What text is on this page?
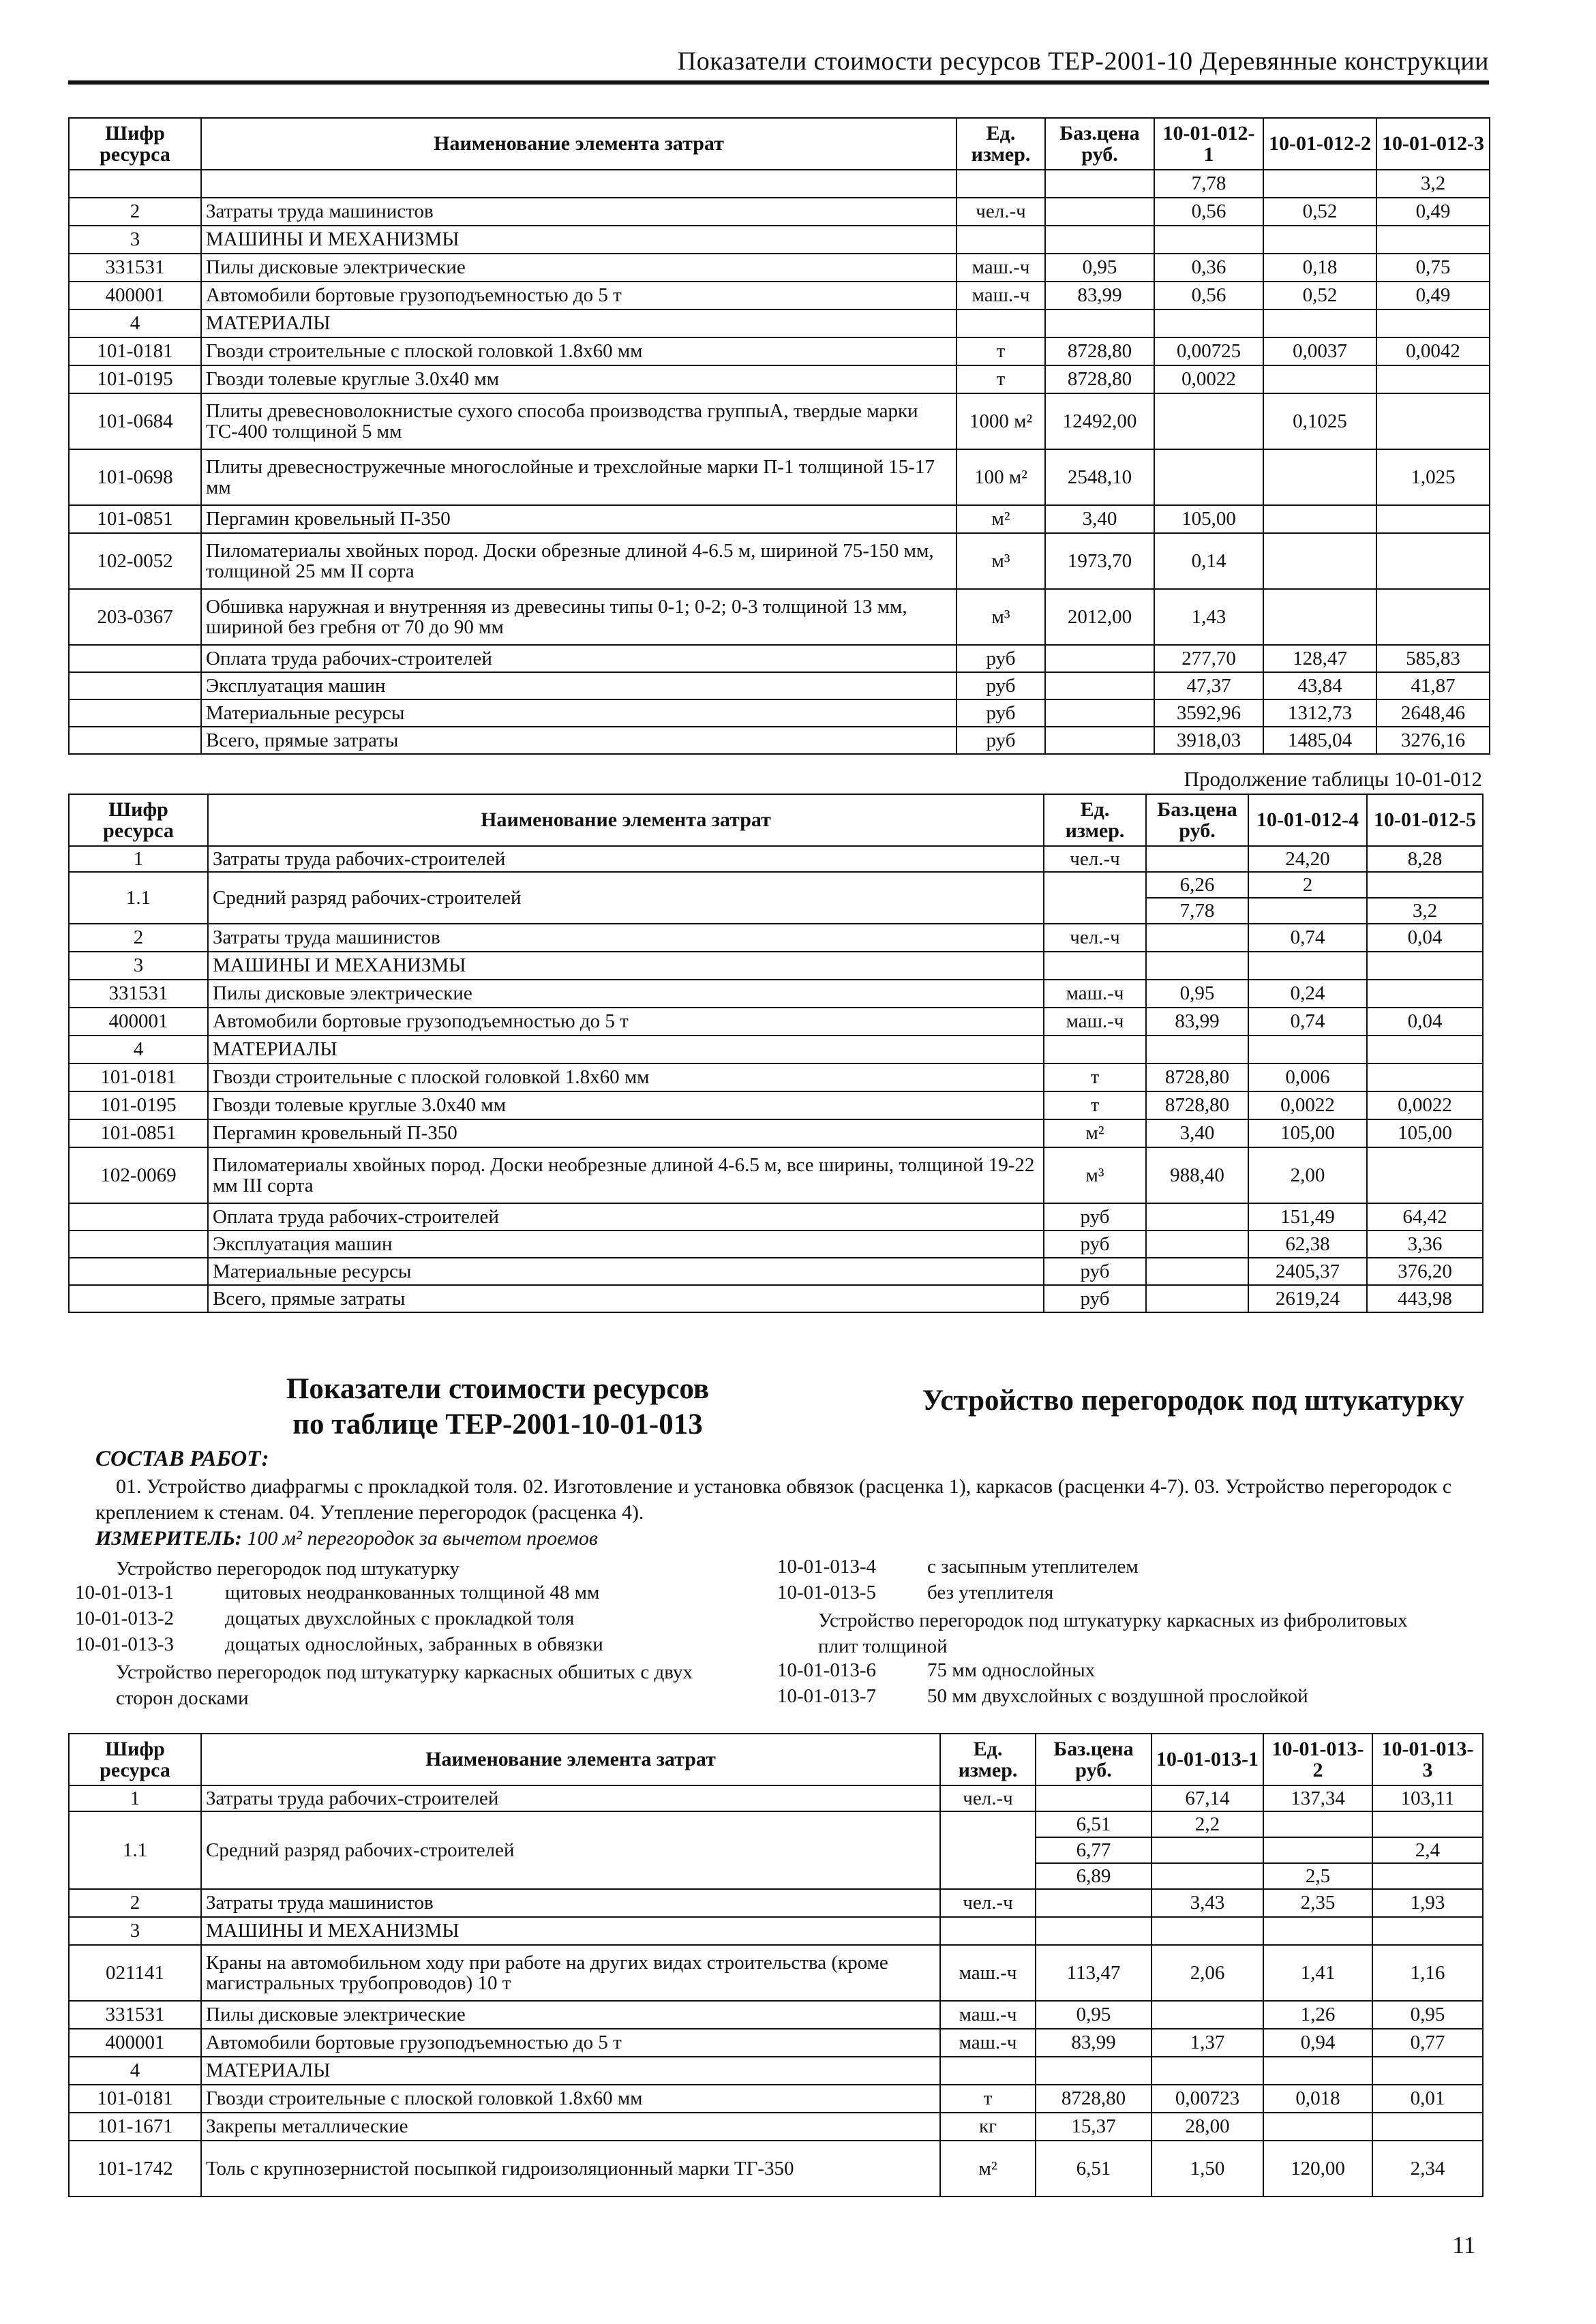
Показатели стоимости ресурсов ТЕР-2001-10 Деревянные конструкции
Шифр ресурса	Наименование элемента затрат	Ед. измер.	Баз.цена руб.	10-01-012-1	10-01-012-2	10-01-012-3
				7,78		3,2
2	Затраты труда машинистов	чел.-ч		0,56	0,52	0,49
3	МАШИНЫ И МЕХАНИЗМЫ					
331531	Пилы дисковые электрические	маш.-ч	0,95	0,36	0,18	0,75
400001	Автомобили бортовые грузоподъемностью до 5 т	маш.-ч	83,99	0,56	0,52	0,49
4	МАТЕРИАЛЫ					
101-0181	Гвозди строительные с плоской головкой 1.8x60 мм	т	8728,80	0,00725	0,0037	0,0042
101-0195	Гвозди толевые круглые 3.0x40 мм	т	8728,80	0,0022		
101-0684	Плиты древесноволокнистые сухого способа производства группыА, твердые марки ТС-400 толщиной 5 мм	1000 м²	12492,00		0,1025	
101-0698	Плиты древесностружечные многослойные и трехслойные марки П-1 толщиной 15-17 мм	100 м²	2548,10			1,025
101-0851	Пергамин кровельный П-350	м²	3,40	105,00		
102-0052	Пиломатериалы хвойных пород. Доски обрезные длиной 4-6.5 м, шириной 75-150 мм, толщиной 25 мм II сорта	м³	1973,70	0,14		
203-0367	Обшивка наружная и внутренняя из древесины типы 0-1; 0-2; 0-3 толщиной 13 мм, шириной без гребня от 70 до 90 мм	м³	2012,00	1,43		
	Оплата труда рабочих-строителей	руб		277,70	128,47	585,83
	Эксплуатация машин	руб		47,37	43,84	41,87
	Материальные ресурсы	руб		3592,96	1312,73	2648,46
	Всего, прямые затраты	руб		3918,03	1485,04	3276,16
Продолжение таблицы 10-01-012
Шифр ресурса	Наименование элемента затрат	Ед. измер.	Баз.цена руб.	10-01-012-4	10-01-012-5
1	Затраты труда рабочих-строителей	чел.-ч		24,20	8,28
1.1	Средний разряд рабочих-строителей		6,26	2	
			7,78		3,2
2	Затраты труда машинистов	чел.-ч		0,74	0,04
3	МАШИНЫ И МЕХАНИЗМЫ				
331531	Пилы дисковые электрические	маш.-ч	0,95	0,24	
400001	Автомобили бортовые грузоподъемностью до 5 т	маш.-ч	83,99	0,74	0,04
4	МАТЕРИАЛЫ				
101-0181	Гвозди строительные с плоской головкой 1.8x60 мм	т	8728,80	0,006	
101-0195	Гвозди толевые круглые 3.0x40 мм	т	8728,80	0,0022	0,0022
101-0851	Пергамин кровельный П-350	м²	3,40	105,00	105,00
102-0069	Пиломатериалы хвойных пород. Доски необрезные длиной 4-6.5 м, все ширины, толщиной 19-22 мм III сорта	м³	988,40	2,00	
	Оплата труда рабочих-строителей	руб		151,49	64,42
	Эксплуатация машин	руб		62,38	3,36
	Материальные ресурсы	руб		2405,37	376,20
	Всего, прямые затраты	руб		2619,24	443,98
Показатели стоимости ресурсов
по таблице ТЕР-2001-10-01-013
Устройство перегородок под штукатурку
СОСТАВ РАБОТ:
01. Устройство диафрагмы с прокладкой толя. 02. Изготовление и установка обвязок (расценка 1), каркасов (расценки 4-7). 03. Устройство перегородок с креплением к стенам. 04. Утепление перегородок (расценка 4).
ИЗМЕРИТЕЛЬ: 100 м² перегородок за вычетом проемов
Устройство перегородок под штукатурку
10-01-013-1	щитовых неодранкованных толщиной 48 мм
10-01-013-2	дощатых двухслойных с прокладкой толя
10-01-013-3	дощатых однослойных, забранных в обвязки
Устройство перегородок под штукатурку каркасных обшитых с двух сторон досками
10-01-013-4	с засыпным утеплителем
10-01-013-5	без утеплителя
Устройство перегородок под штукатурку каркасных из фибролитовых плит толщиной
10-01-013-6	75 мм однослойных
10-01-013-7	50 мм двухслойных с воздушной прослойкой
Шифр ресурса	Наименование элемента затрат	Ед. измер.	Баз.цена руб.	10-01-013-1	10-01-013-2	10-01-013-3
1	Затраты труда рабочих-строителей	чел.-ч		67,14	137,34	103,11
1.1	Средний разряд рабочих-строителей		6,51	2,2		
			6,77			2,4
			6,89		2,5	
2	Затраты труда машинистов	чел.-ч		3,43	2,35	1,93
3	МАШИНЫ И МЕХАНИЗМЫ					
021141	Краны на автомобильном ходу при работе на других видах строительства (кроме магистральных трубопроводов) 10 т	маш.-ч	113,47	2,06	1,41	1,16
331531	Пилы дисковые электрические	маш.-ч	0,95		1,26	0,95
400001	Автомобили бортовые грузоподъемностью до 5 т	маш.-ч	83,99	1,37	0,94	0,77
4	МАТЕРИАЛЫ					
101-0181	Гвозди строительные с плоской головкой 1.8x60 мм	т	8728,80	0,00723	0,018	0,01
101-1671	Закрепы металлические	кг	15,37	28,00		
101-1742	Толь с крупнозернистой посыпкой гидроизоляционный марки ТГ-350	м²	6,51	1,50	120,00	2,34
11
